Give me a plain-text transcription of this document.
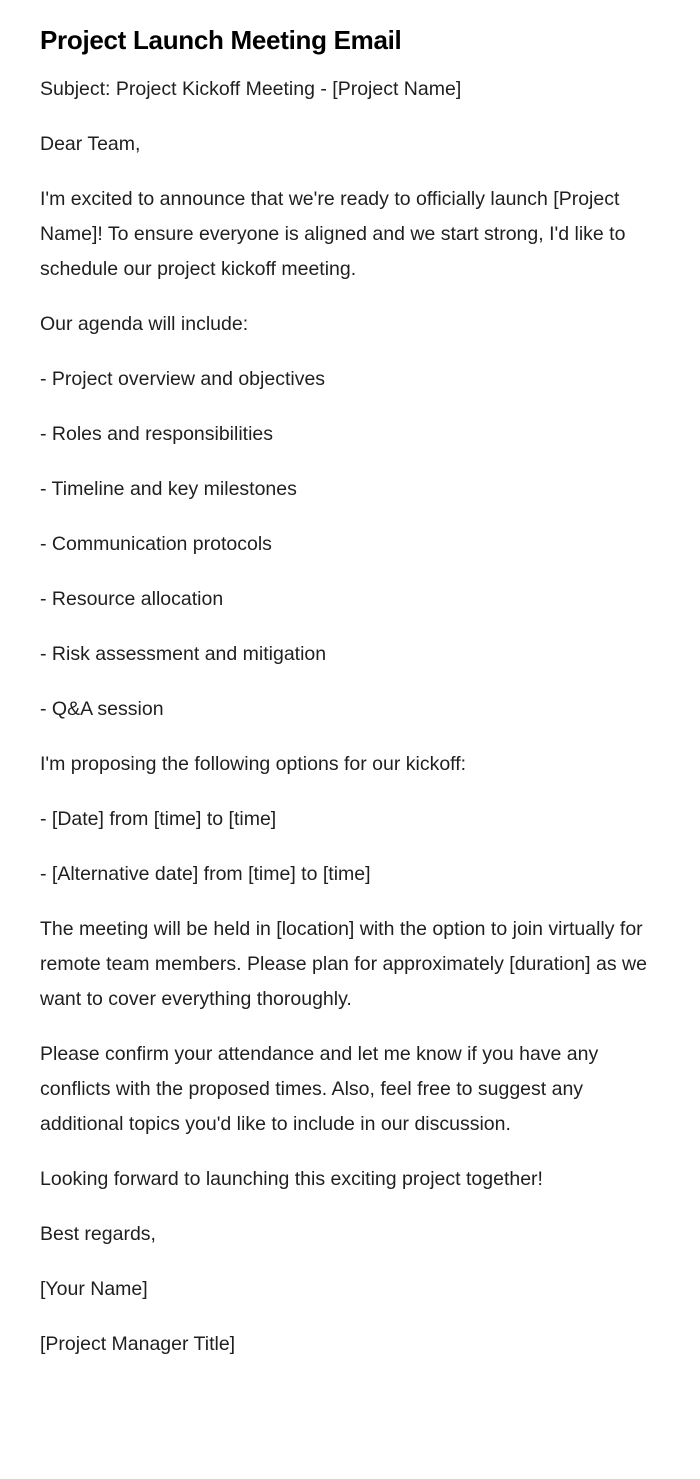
Project Launch Meeting Email

Subject: Project Kickoff Meeting - [Project Name]

Dear Team,

I'm excited to announce that we're ready to officially launch [Project Name]! To ensure everyone is aligned and we start strong, I'd like to schedule our project kickoff meeting.

Our agenda will include:

- Project overview and objectives

- Roles and responsibilities

- Timeline and key milestones

- Communication protocols

- Resource allocation

- Risk assessment and mitigation

- Q&A session

I'm proposing the following options for our kickoff:

- [Date] from [time] to [time]

- [Alternative date] from [time] to [time]

The meeting will be held in [location] with the option to join virtually for remote team members. Please plan for approximately [duration] as we want to cover everything thoroughly.

Please confirm your attendance and let me know if you have any conflicts with the proposed times. Also, feel free to suggest any additional topics you'd like to include in our discussion.

Looking forward to launching this exciting project together!

Best regards,

[Your Name]

[Project Manager Title]
